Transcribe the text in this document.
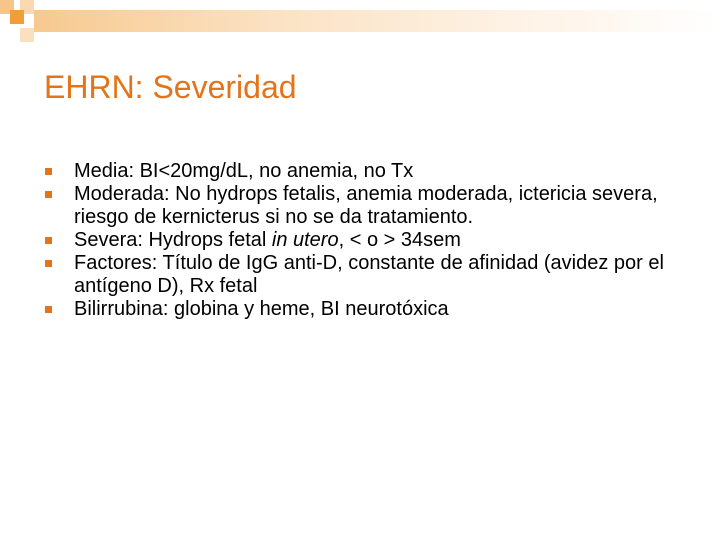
EHRN: Severidad
Media: BI<20mg/dL, no anemia, no Tx
Moderada: No hydrops fetalis, anemia moderada, ictericia severa, riesgo de kernicterus si no se da tratamiento.
Severa: Hydrops fetal in utero, < o > 34sem
Factores: Título de IgG anti-D, constante de afinidad (avidez por el antígeno D), Rx fetal
Bilirrubina: globina y heme, BI neurotóxica
